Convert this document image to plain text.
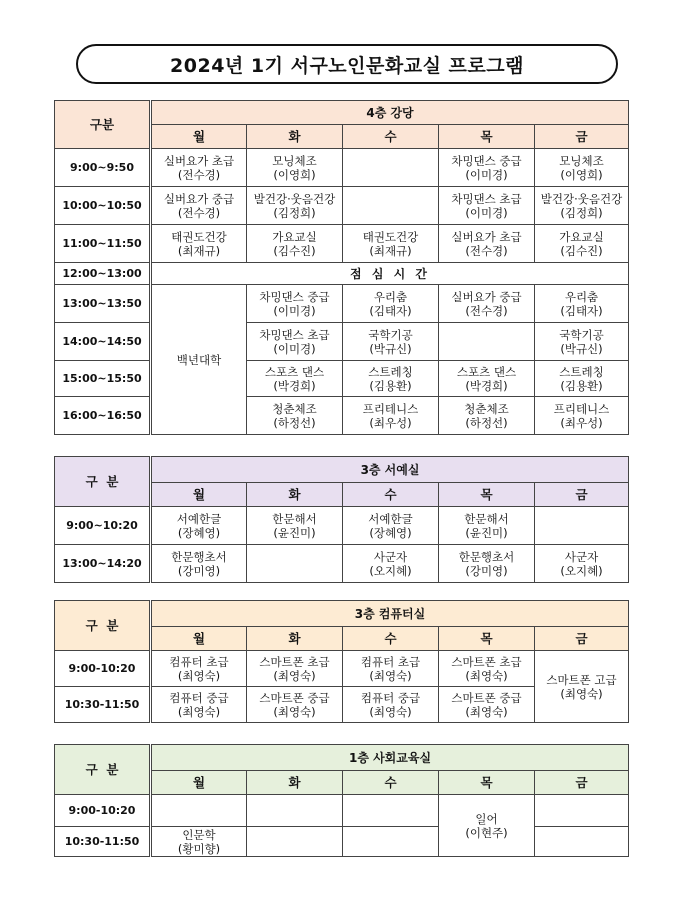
2024년 1기 서구노인문화교실 프로그램
구분	4층 강당				
	월	화	수	목	금
9:00~9:50	실버요가 초급
(전수경)	모닝체조
(이영희)		차밍댄스 중급
(이미경)	모닝체조
(이영희)

10:00~10:50	실버요가 중급
(전수경)	발건강·웃음건강
(김정희)		차밍댄스 초급
(이미경)	발건강·웃음건강
(김정희)

11:00~11:50	태권도건강
(최재규)	가요교실
(김수진)	태권도건강
(최재규)	실버요가 초급
(전수경)	가요교실
(김수진)

12:00~13:00	점 심 시 간				
13:00~13:50	백년대학	차밍댄스 중급
(이미경)	우리춤
(김태자)	실버요가 중급
(전수경)	우리춤
(김태자)

14:00~14:50		차밍댄스 초급
(이미경)	국학기공
(박규신)		국학기공
(박규신)

15:00~15:50		스포츠 댄스
(박경희)	스트레칭
(김용환)	스포츠 댄스
(박경희)	스트레칭
(김용환)

16:00~16:50		청춘체조
(하정선)	프리테니스
(최우성)	청춘체조
(하정선)	프리테니스
(최우성)
구  분	3층 서예실				
	월	화	수	목	금
9:00~10:20	서예한글
(장혜영)	한문해서
(윤진미)	서예한글
(장혜영)	한문해서
(윤진미)	

13:00~14:20	한문행초서
(강미영)		사군자
(오지혜)	한문행초서
(강미영)	사군자
(오지혜)
구  분	3층 컴퓨터실				
	월	화	수	목	금
9:00-10:20	컴퓨터 초급
(최영숙)	스마트폰 초급
(최영숙)	컴퓨터 초급
(최영숙)	스마트폰 초급
(최영숙)	스마트폰 고급
(최영숙)

10:30-11:50	컴퓨터 중급
(최영숙)	스마트폰 중급
(최영숙)	컴퓨터 중급
(최영숙)	스마트폰 중급
(최영숙)	
구  분	1층 사회교육실				
	월	화	수	목	금
9:00-10:20				일어
(이현주)	

10:30-11:50	인문학
(황미향)				
